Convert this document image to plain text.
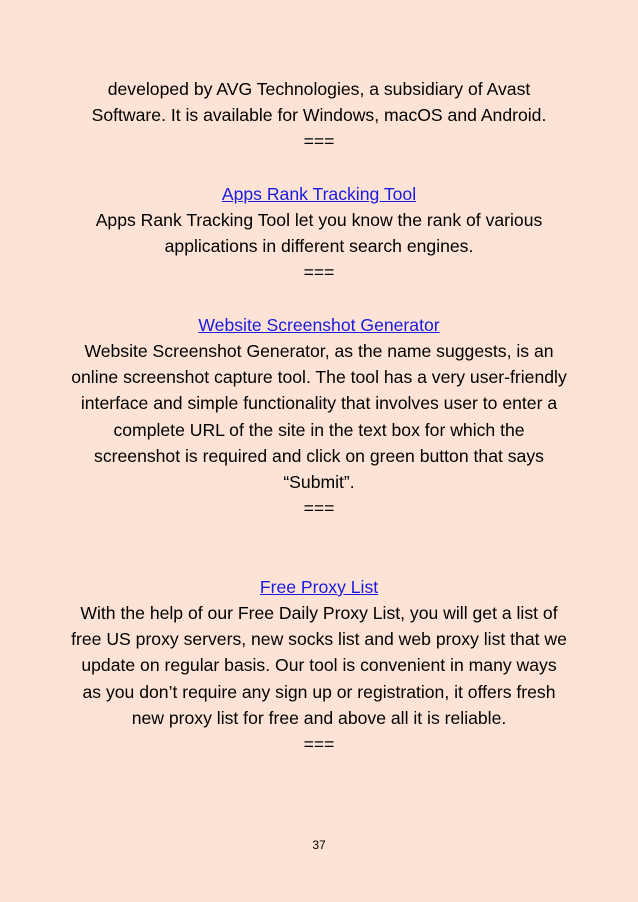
developed by AVG Technologies, a subsidiary of Avast Software. It is available for Windows, macOS and Android.

===

Apps Rank Tracking Tool

Apps Rank Tracking Tool let you know the rank of various applications in different search engines.

===

Website Screenshot Generator

Website Screenshot Generator, as the name suggests, is an online screenshot capture tool. The tool has a very user-friendly interface and simple functionality that involves user to enter a complete URL of the site in the text box for which the screenshot is required and click on green button that says “Submit”.

===

Free Proxy List

With the help of our Free Daily Proxy List, you will get a list of free US proxy servers, new socks list and web proxy list that we update on regular basis. Our tool is convenient in many ways as you don’t require any sign up or registration, it offers fresh new proxy list for free and above all it is reliable.

===
37
